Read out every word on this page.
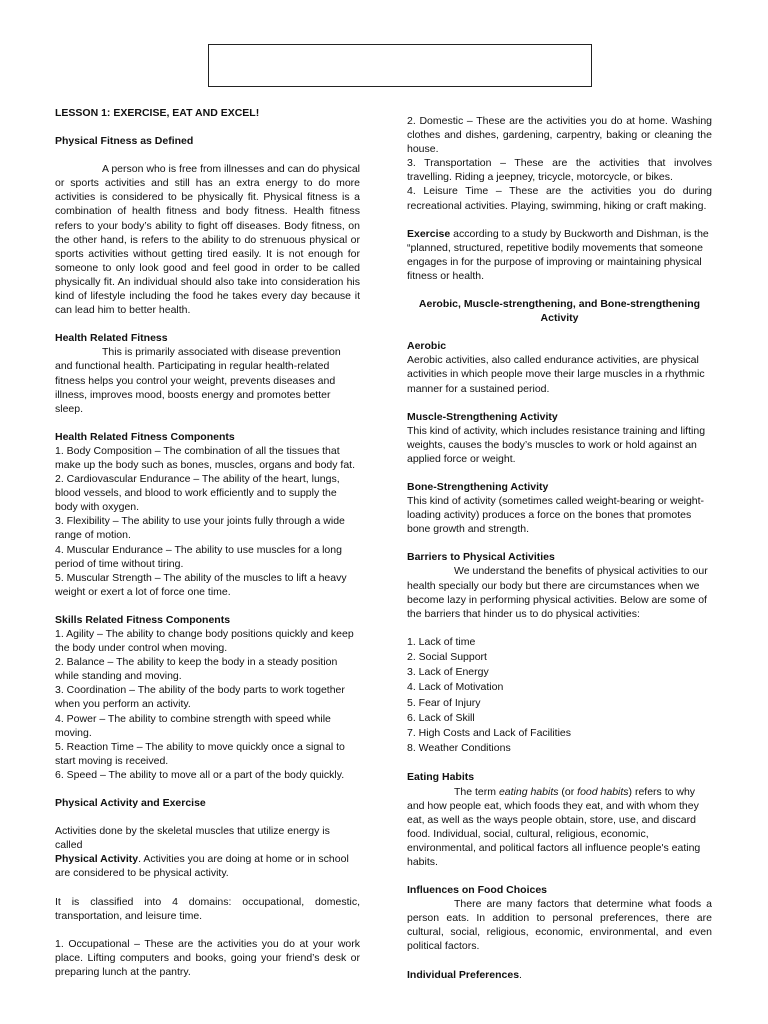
LESSON 1: EXERCISE, EAT AND EXCEL!

Physical Fitness as Defined

A person who is free from illnesses and can do physical or sports activities and still has an extra energy to do more activities is considered to be physically fit. Physical fitness is a combination of health fitness and body fitness. Health fitness refers to your body’s ability to fight off diseases. Body fitness, on the other hand, is refers to the ability to do strenuous physical or sports activities without getting tired easily. It is not enough for someone to only look good and feel good in order to be called physically fit. An individual should also take into consideration his kind of lifestyle including the food he takes every day because it can lead him to better health.

Health Related Fitness

This is primarily associated with disease prevention and functional health. Participating in regular health-related fitness helps you control your weight, prevents diseases and illness, improves mood, boosts energy and promotes better sleep.

Health Related Fitness Components

1. Body Composition – The combination of all the tissues that make up the body such as bones, muscles, organs and body fat.

2. Cardiovascular Endurance – The ability of the heart, lungs, blood vessels, and blood to work efficiently and to supply the body with oxygen.

3. Flexibility – The ability to use your joints fully through a wide range of motion.

4. Muscular Endurance – The ability to use muscles for a long period of time without tiring.

5. Muscular Strength – The ability of the muscles to lift a heavy weight or exert a lot of force one time.

Skills Related Fitness Components

1. Agility – The ability to change body positions quickly and keep the body under control when moving.

2. Balance – The ability to keep the body in a steady position while standing and moving.

3. Coordination – The ability of the body parts to work together when you perform an activity.

4. Power – The ability to combine strength with speed while moving.

5. Reaction Time – The ability to move quickly once a signal to start moving is received.

6. Speed – The ability to move all or a part of the body quickly.

Physical Activity and Exercise

Activities done by the skeletal muscles that utilize energy is called

Physical Activity. Activities you are doing at home or in school are considered to be physical activity.

It is classified into 4 domains: occupational, domestic, transportation, and leisure time.

1. Occupational – These are the activities you do at your work place. Lifting computers and books, going your friend’s desk or preparing lunch at the pantry.

2. Domestic – These are the activities you do at home. Washing clothes and dishes, gardening, carpentry, baking or cleaning the house.

3. Transportation – These are the activities that involves travelling. Riding a jeepney, tricycle, motorcycle, or bikes.

4. Leisure Time – These are the activities you do during recreational activities. Playing, swimming, hiking or craft making.

Exercise according to a study by Buckworth and Dishman, is the “planned, structured, repetitive bodily movements that someone engages in for the purpose of improving or maintaining physical fitness or health.

Aerobic, Muscle-strengthening, and Bone-strengthening Activity

Aerobic

Aerobic activities, also called endurance activities, are physical activities in which people move their large muscles in a rhythmic manner for a sustained period.

Muscle-Strengthening Activity

This kind of activity, which includes resistance training and lifting weights, causes the body’s muscles to work or hold against an applied force or weight.

Bone-Strengthening Activity

This kind of activity (sometimes called weight-bearing or weight-loading activity) produces a force on the bones that promotes bone growth and strength.

Barriers to Physical Activities

We understand the benefits of physical activities to our health specially our body but there are circumstances when we become lazy in performing physical activities. Below are some of the barriers that hinder us to do physical activities:

1. Lack of time

2. Social Support

3. Lack of Energy

4. Lack of Motivation

5. Fear of Injury

6. Lack of Skill

7. High Costs and Lack of Facilities

8. Weather Conditions

Eating Habits

The term eating habits (or food habits) refers to why and how people eat, which foods they eat, and with whom they eat, as well as the ways people obtain, store, use, and discard food. Individual, social, cultural, religious, economic, environmental, and political factors all influence people's eating habits.

Influences on Food Choices

There are many factors that determine what foods a person eats. In addition to personal preferences, there are cultural, social, religious, economic, environmental, and even political factors.

Individual Preferences.
